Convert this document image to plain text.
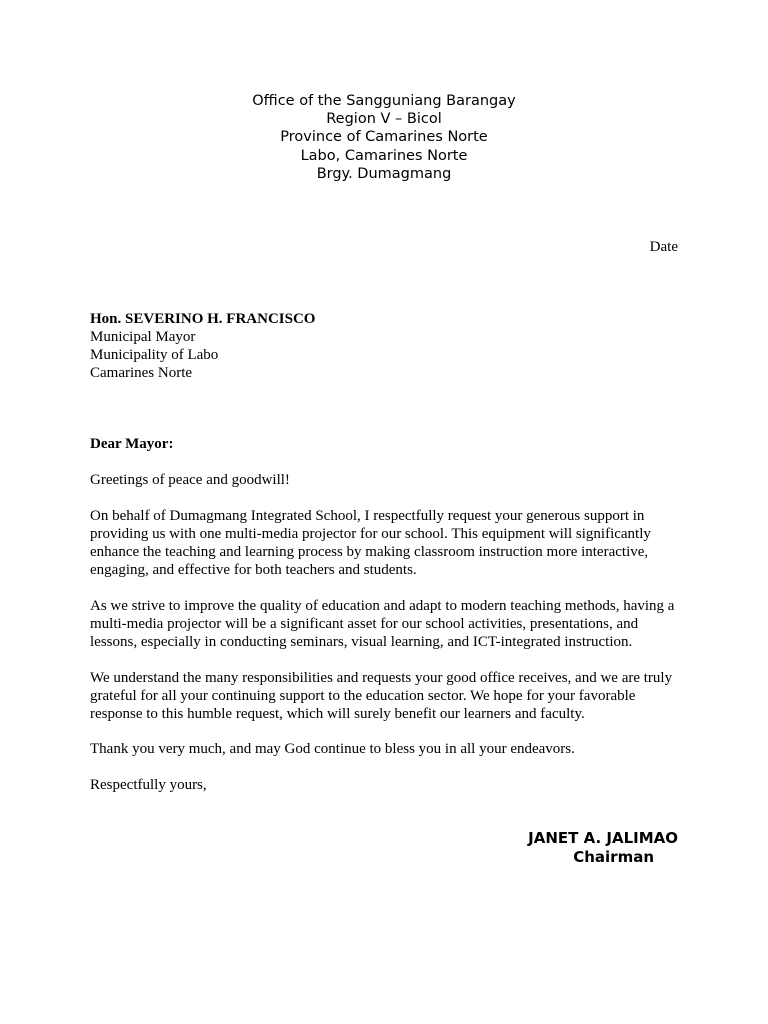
Office of the Sangguniang Barangay
Region V – Bicol
Province of Camarines Norte
Labo, Camarines Norte
Brgy. Dumagmang
Date
Hon. SEVERINO H. FRANCISCO
Municipal Mayor
Municipality of Labo
Camarines Norte
Dear Mayor:
Greetings of peace and goodwill!
On behalf of Dumagmang Integrated School, I respectfully request your generous support in providing us with one multi-media projector for our school. This equipment will significantly enhance the teaching and learning process by making classroom instruction more interactive, engaging, and effective for both teachers and students.
As we strive to improve the quality of education and adapt to modern teaching methods, having a multi-media projector will be a significant asset for our school activities, presentations, and lessons, especially in conducting seminars, visual learning, and ICT-integrated instruction.
We understand the many responsibilities and requests your good office receives, and we are truly grateful for all your continuing support to the education sector. We hope for your favorable response to this humble request, which will surely benefit our learners and faculty.
Thank you very much, and may God continue to bless you in all your endeavors.
Respectfully yours,
JANET A. JALIMAO
Chairman
